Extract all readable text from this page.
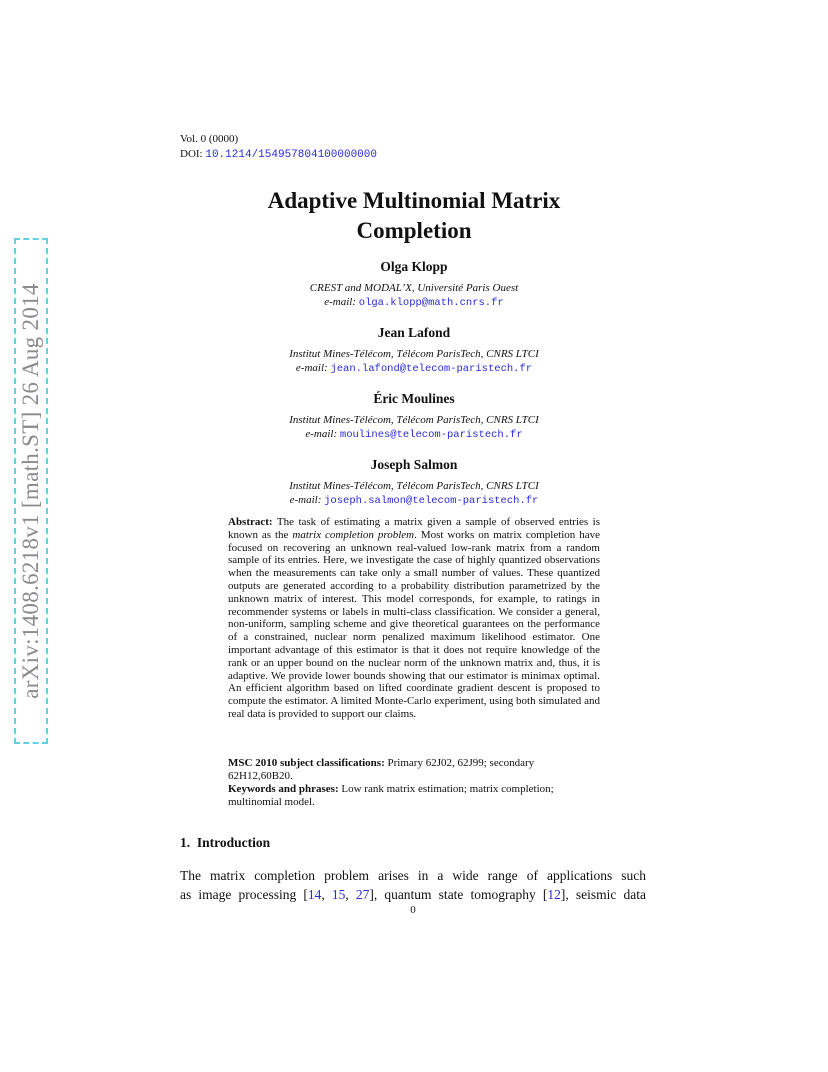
arXiv:1408.6218v1 [math.ST] 26 Aug 2014
Vol. 0 (0000)
DOI: 10.1214/154957804100000000
Adaptive Multinomial Matrix
Completion
Olga Klopp
CREST and MODAL’X, Université Paris Ouest
e-mail: olga.klopp@math.cnrs.fr
Jean Lafond
Institut Mines-Télécom, Télécom ParisTech, CNRS LTCI
e-mail: jean.lafond@telecom-paristech.fr
Éric Moulines
Institut Mines-Télécom, Télécom ParisTech, CNRS LTCI
e-mail: moulines@telecom-paristech.fr
Joseph Salmon
Institut Mines-Télécom, Télécom ParisTech, CNRS LTCI
e-mail: joseph.salmon@telecom-paristech.fr
Abstract: The task of estimating a matrix given a sample of observed entries is known as the matrix completion problem. Most works on matrix completion have focused on recovering an unknown real-valued low-rank matrix from a random sample of its entries. Here, we investigate the case of highly quantized observations when the measurements can take only a small number of values. These quantized outputs are generated according to a probability distribution parametrized by the unknown matrix of interest. This model corresponds, for example, to ratings in recommender systems or labels in multi-class classification. We consider a general, non-uniform, sampling scheme and give theoretical guarantees on the performance of a constrained, nuclear norm penalized maximum likelihood estimator. One important advantage of this estimator is that it does not require knowledge of the rank or an upper bound on the nuclear norm of the unknown matrix and, thus, it is adaptive. We provide lower bounds showing that our estimator is minimax optimal. An efficient algorithm based on lifted coordinate gradient descent is proposed to compute the estimator. A limited Monte-Carlo experiment, using both simulated and real data is provided to support our claims.
MSC 2010 subject classifications: Primary 62J02, 62J99; secondary 62H12,60B20.
Keywords and phrases: Low rank matrix estimation; matrix completion; multinomial model.
1. Introduction
The matrix completion problem arises in a wide range of applications such
as image processing [14, 15, 27], quantum state tomography [12], seismic data
0
